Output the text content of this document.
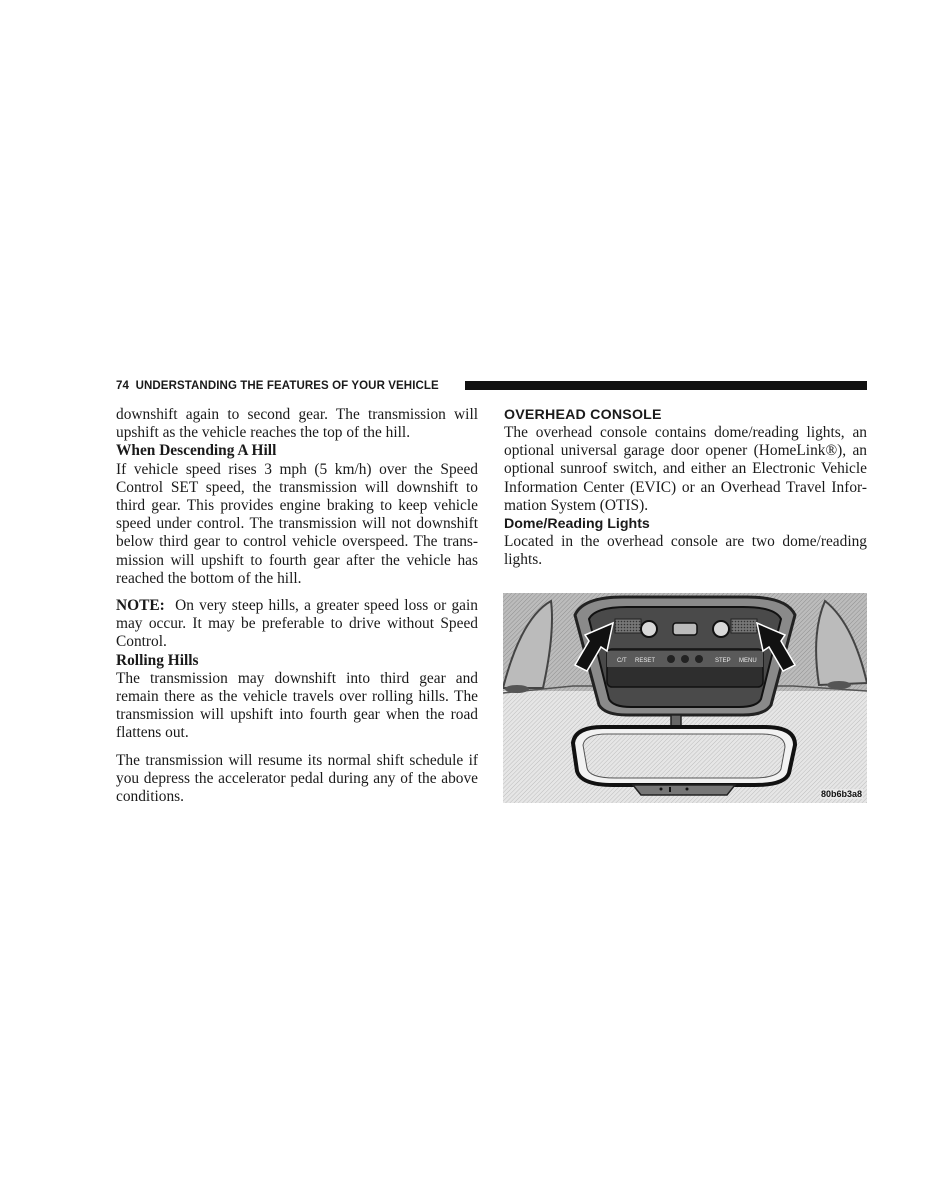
74 UNDERSTANDING THE FEATURES OF YOUR VEHICLE

downshift again to second gear. The transmission will upshift as the vehicle reaches the top of the hill.

When Descending A Hill

If vehicle speed rises 3 mph (5 km/h) over the Speed Control SET speed, the transmission will downshift to third gear. This provides engine braking to keep vehicle speed under control. The transmission will not downshift below third gear to control vehicle overspeed. The trans-mission will upshift to fourth gear after the vehicle has reached the bottom of the hill.

NOTE: On very steep hills, a greater speed loss or gain may occur. It may be preferable to drive without Speed Control.

Rolling Hills

The transmission may downshift into third gear and remain there as the vehicle travels over rolling hills. The transmission will upshift into fourth gear when the road flattens out.

The transmission will resume its normal shift schedule if you depress the accelerator pedal during any of the above conditions.

OVERHEAD CONSOLE

The overhead console contains dome/reading lights, an optional universal garage door opener (HomeLink®), an optional sunroof switch, and either an Electronic Vehicle Information Center (EVIC) or an Overhead Travel Infor-mation System (OTIS).

Dome/Reading Lights

Located in the overhead console are two dome/reading lights.

C/T RESET	STEP MENU
80b6b3a8
